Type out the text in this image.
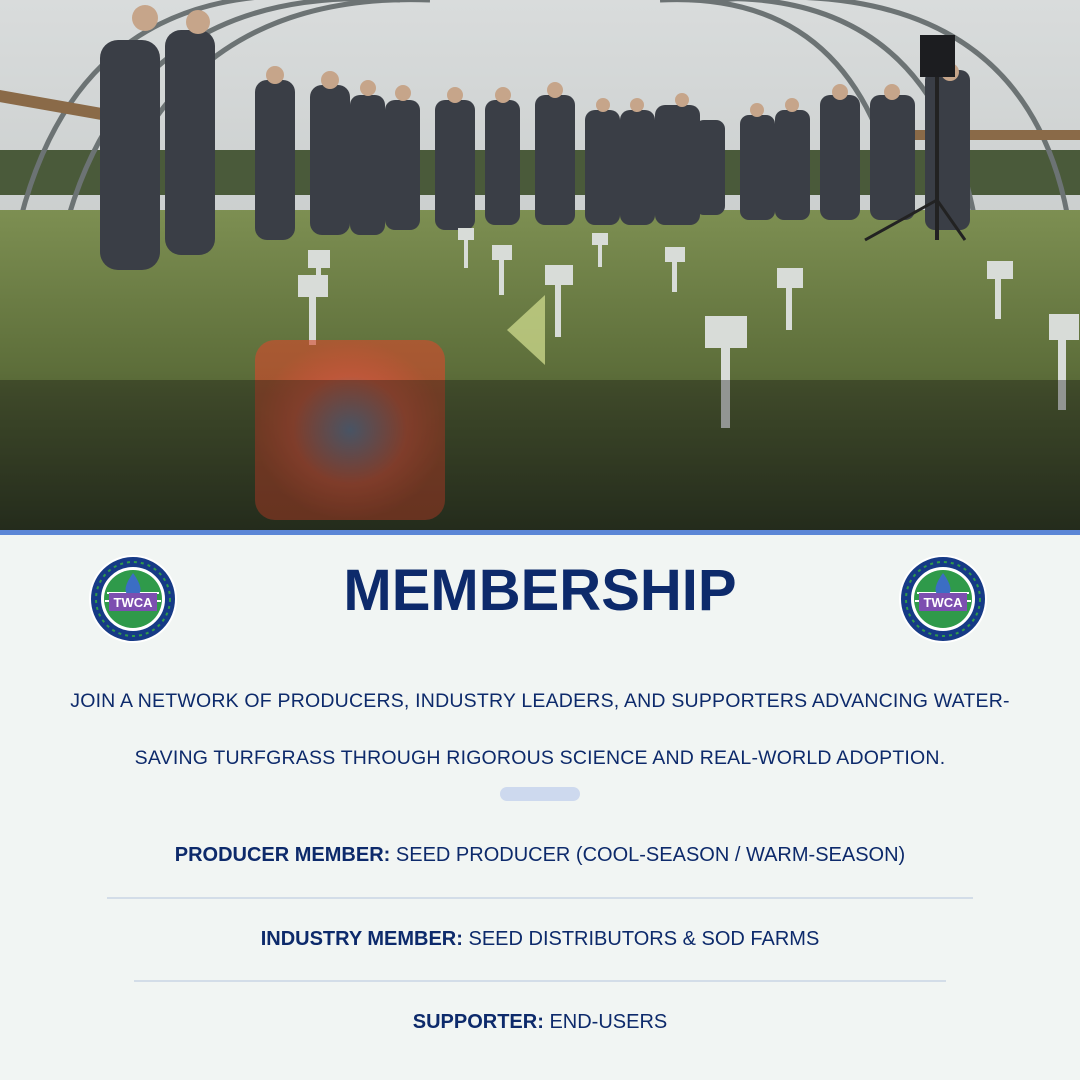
TWCA	MEMBERSHIP	TWCA
JOIN A NETWORK OF PRODUCERS, INDUSTRY LEADERS, AND SUPPORTERS ADVANCING WATER-SAVING TURFGRASS THROUGH RIGOROUS SCIENCE AND REAL-WORLD ADOPTION.
PRODUCER MEMBER: SEED PRODUCER (COOL-SEASON / WARM-SEASON)
INDUSTRY MEMBER: SEED DISTRIBUTORS & SOD FARMS
SUPPORTER: END-USERS
